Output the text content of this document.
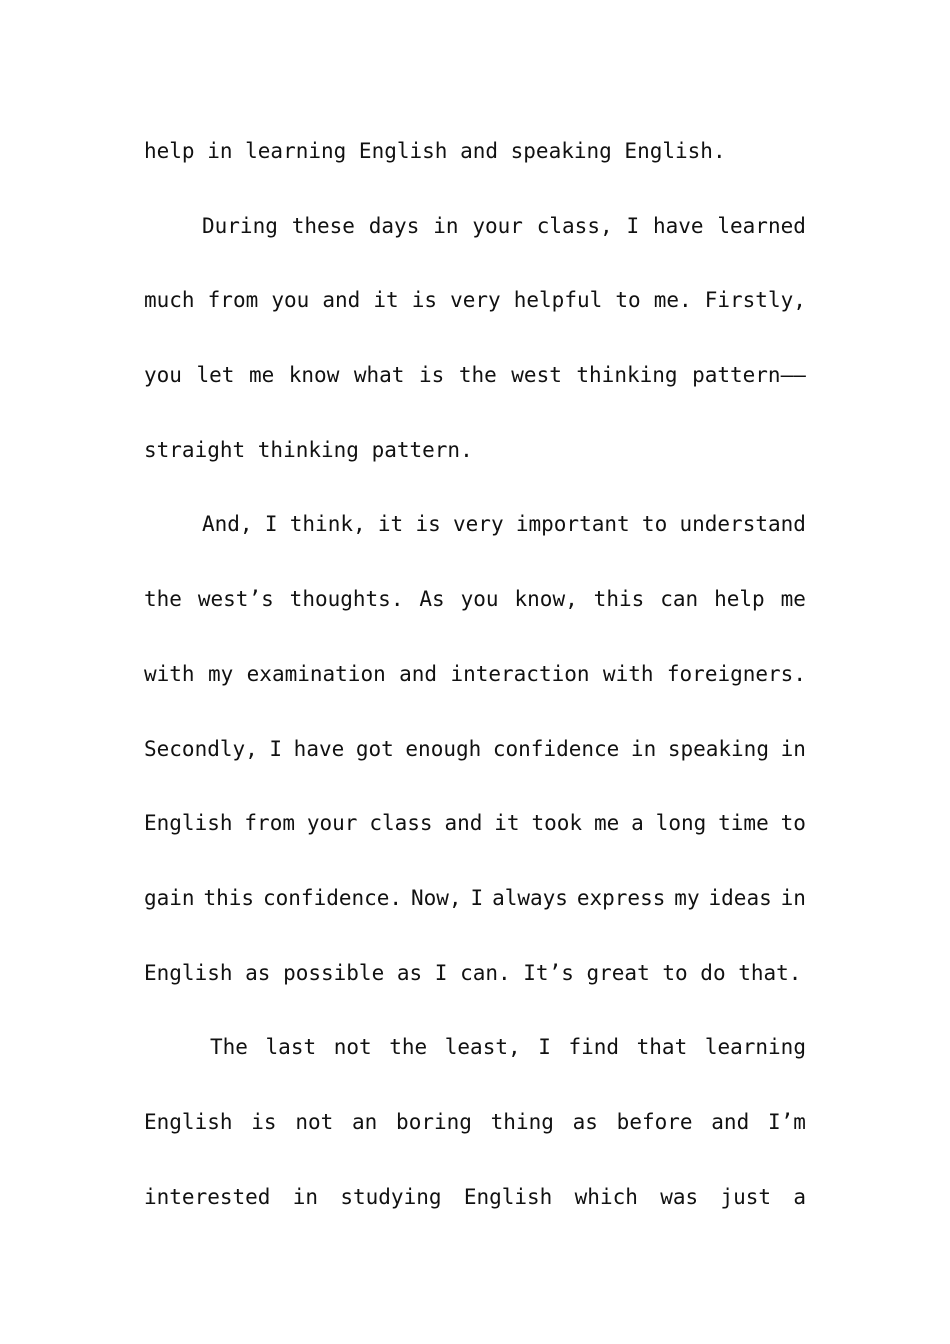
help in learning English and speaking English.
During these days in your class, I have learned
much from you and it is very helpful to me. Firstly,
you let me know what is the west thinking pattern——
straight thinking pattern.
And, I think, it is very important to understand
the west’s thoughts. As you know, this can help me
with my examination and interaction with foreigners.
Secondly, I have got enough confidence in speaking in
English from your class and it took me a long time to
gain this confidence. Now, I always express my ideas in
English as possible as I can. It’s great to do that.
The last not the least, I find that learning
English is not an boring thing as before and I’m
interested in studying English which was just a
